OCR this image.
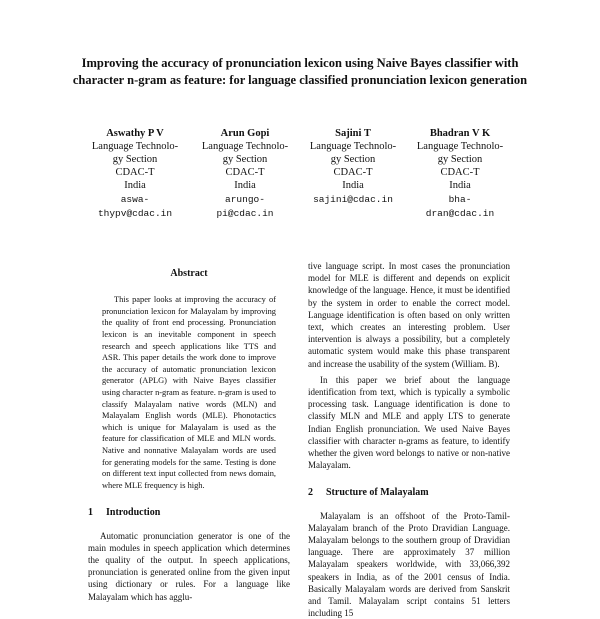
Improving the accuracy of pronunciation lexicon using Naive Bayes classifier with character n-gram as feature: for language classified pronunciation lexicon generation
Aswathy P V
Language Technolo-
gy Section
CDAC-T
India
aswa-
thypv@cdac.in
Arun Gopi
Language Technolo-
gy Section
CDAC-T
India
arungo-
pi@cdac.in
Sajini T
Language Technolo-
gy Section
CDAC-T
India
sajini@cdac.in
Bhadran V K
Language Technolo-
gy Section
CDAC-T
India
bha-
dran@cdac.in
Abstract

This paper looks at improving the accuracy of pronunciation lexicon for Malayalam by improving the quality of front end processing. Pronunciation lexicon is an inevitable component in speech research and speech applications like TTS and ASR. This paper details the work done to improve the accuracy of automatic pronunciation lexicon generator (APLG) with Naive Bayes classifier using character n-gram as feature. n-gram is used to classify Malayalam native words (MLN) and Malayalam English words (MLE). Phonotactics which is unique for Malayalam is used as the feature for classification of MLE and MLN words. Native and nonnative Malayalam words are used for generating models for the same. Testing is done on different text input collected from news domain, where MLE frequency is high.

1 Introduction

Automatic pronunciation generator is one of the main modules in speech application which determines the quality of the output. In speech applications, pronunciation is generated online from the given input using dictionary or rules. For a language like Malayalam which has agglu-

tive language script. In most cases the pronunciation model for MLE is different and depends on explicit knowledge of the language. Hence, it must be identified by the system in order to enable the correct model. Language identification is often based on only written text, which creates an interesting problem. User intervention is always a possibility, but a completely automatic system would make this phase transparent and increase the usability of the system (William. B).

In this paper we brief about the language identification from text, which is typically a symbolic processing task. Language identification is done to classify MLN and MLE and apply LTS to generate Indian English pronunciation. We used Naive Bayes classifier with character n-grams as feature, to identify whether the given word belongs to native or non-native Malayalam.

2 Structure of Malayalam

Malayalam is an offshoot of the Proto-Tamil-Malayalam branch of the Proto Dravidian Language. Malayalam belongs to the southern group of Dravidian language. There are approximately 37 million Malayalam speakers worldwide, with 33,066,392 speakers in India, as of the 2001 census of India. Basically Malayalam words are derived from Sanskrit and Tamil. Malayalam script contains 51 letters including 15
